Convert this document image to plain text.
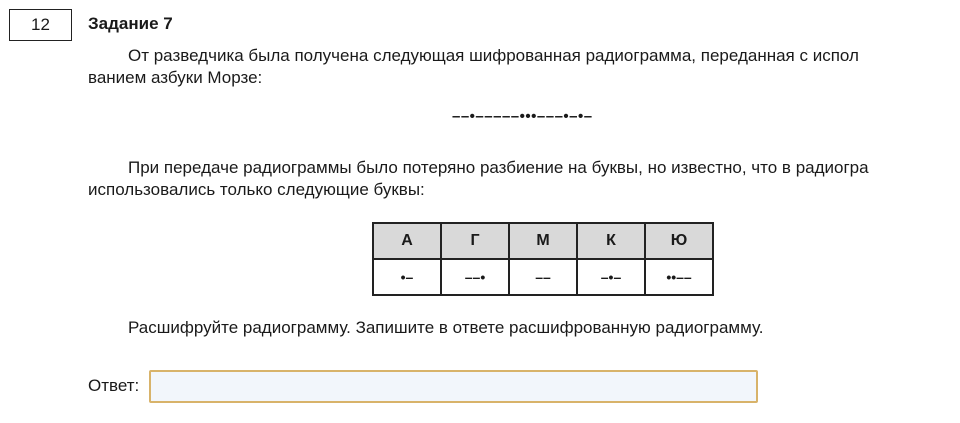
12 Задание 7
От разведчика была получена следующая шифрованная радиограмма, переданная с испол
ванием азбуки Морзе:
––•–––––•••–––•–•–
При передаче радиограммы было потеряно разбиение на буквы, но известно, что в радиогра
использовались только следующие буквы:
А	Г	М	К	Ю
•–	––•	––	–•–	••––
Расшифруйте радиограмму. Запишите в ответе расшифрованную радиограмму.
Ответ:
